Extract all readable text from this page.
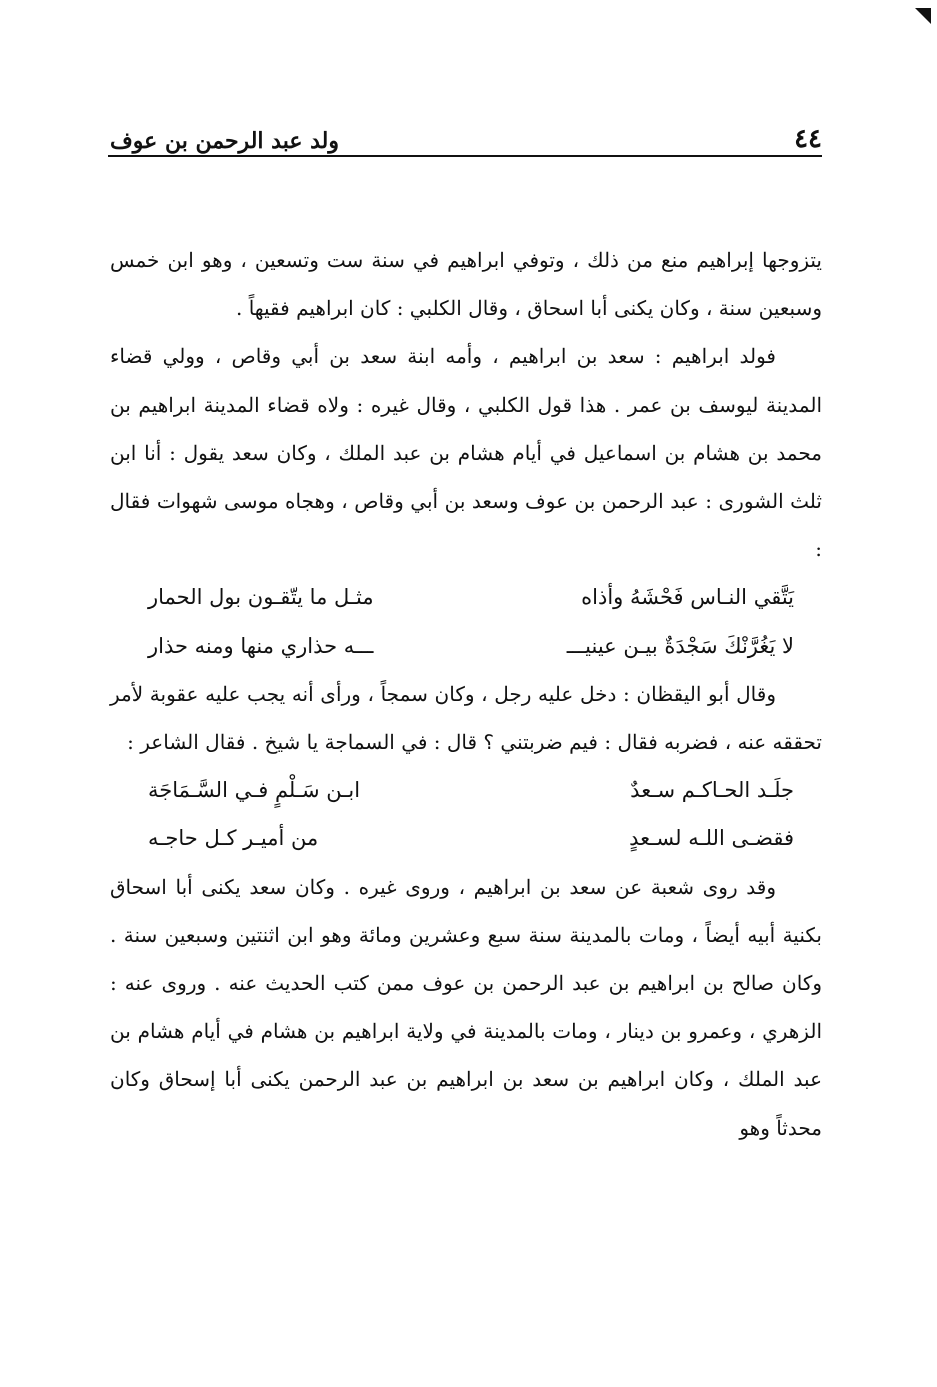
٤٤
ولد عبد الرحمن بن عوف

يتزوجها إبراهيم منع من ذلك ، وتوفي ابراهيم في سنة ست وتسعين ، وهو ابن خمس وسبعين سنة ، وكان يكنى أبا اسحاق ، وقال الكلبي : كان ابراهيم فقيهاً .

فولد ابراهيم : سعد بن ابراهيم ، وأمه ابنة سعد بن أبي وقاص ، وولي قضاء المدينة ليوسف بن عمر . هذا قول الكلبي ، وقال غيره : ولاه قضاء المدينة ابراهيم بن محمد بن هشام بن اسماعيل في أيام هشام بن عبد الملك ، وكان سعد يقول : أنا ابن ثلث الشورى : عبد الرحمن بن عوف وسعد بن أبي وقاص ، وهجاه موسى شهوات فقال :

يَتَّقي النـاس فَحْشَهُ وأذاه
مثـل ما يتّقـون بول الحمار
لا يَغُرَّنْكَ سَجْدَةٌ بيـن عينيـــ
ـــه حذاري منها ومنه حذار

وقال أبو اليقظان : دخل عليه رجل ، وكان سمجاً ، ورأى أنه يجب عليه عقوبة لأمر تحققه عنه ، فضربه فقال : فيم ضربتني ؟ قال : في السماجة يا شيخ . فقال الشاعر :

جلَـد الحـاكـم سـعدٌ
ابـن سَـلْمٍ فـي السَّـمَاجَة
فقضـى اللـه لسـعدٍ
من أميـر كـل حاجـه

وقد روى شعبة عن سعد بن ابراهيم ، وروى غيره . وكان سعد يكنى أبا اسحاق بكنية أبيه أيضاً ، ومات بالمدينة سنة سبع وعشرين ومائة وهو ابن اثنتين وسبعين سنة . وكان صالح بن ابراهيم بن عبد الرحمن بن عوف ممن كتب الحديث عنه . وروى عنه : الزهري ، وعمرو بن دينار ، ومات بالمدينة في ولاية ابراهيم بن هشام في أيام هشام بن عبد الملك ، وكان ابراهيم بن سعد بن ابراهيم بن عبد الرحمن يكنى أبا إسحاق وكان محدثاً وهو
